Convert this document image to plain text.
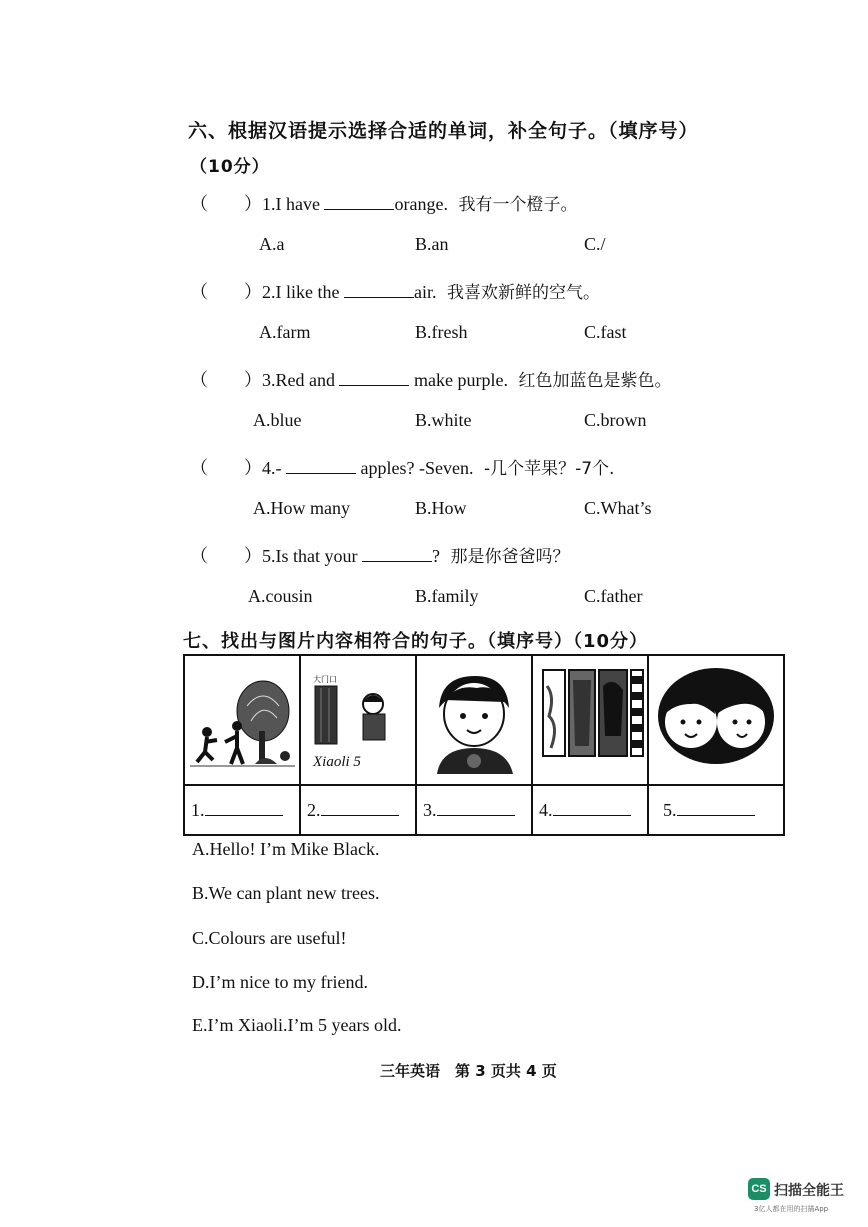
六、根据汉语提示选择合适的单词，补全句子。（填序号）
（10分）
（　　）1.I have	orange. 我有一个橙子。
A.a	B.an	C./
（　　）2.I like the	air. 我喜欢新鲜的空气。
A.farm	B.fresh	C.fast
（　　）3.Red and	make purple. 红色加蓝色是紫色。
A.blue	B.white	C.brown
（　　）4.-	apples? -Seven. -几个苹果？-7个.
A.How many	B.How	C.What’s
（　　）5.Is that your	? 那是你爸爸吗？
A.cousin	B.family	C.father
七、找出与图片内容相符合的句子。（填序号）（10分）

大门口
Xiaoli 5

1.	2.	3.	4.	5.
A.Hello! I’m Mike Black.
B.We can plant new trees.
C.Colours are useful!
D.I’m nice to my friend.
E.I’m Xiaoli.I’m 5 years old.
三年英语　第 3 页共 4 页
CS 扫描全能王
3亿人都在用的扫描App
